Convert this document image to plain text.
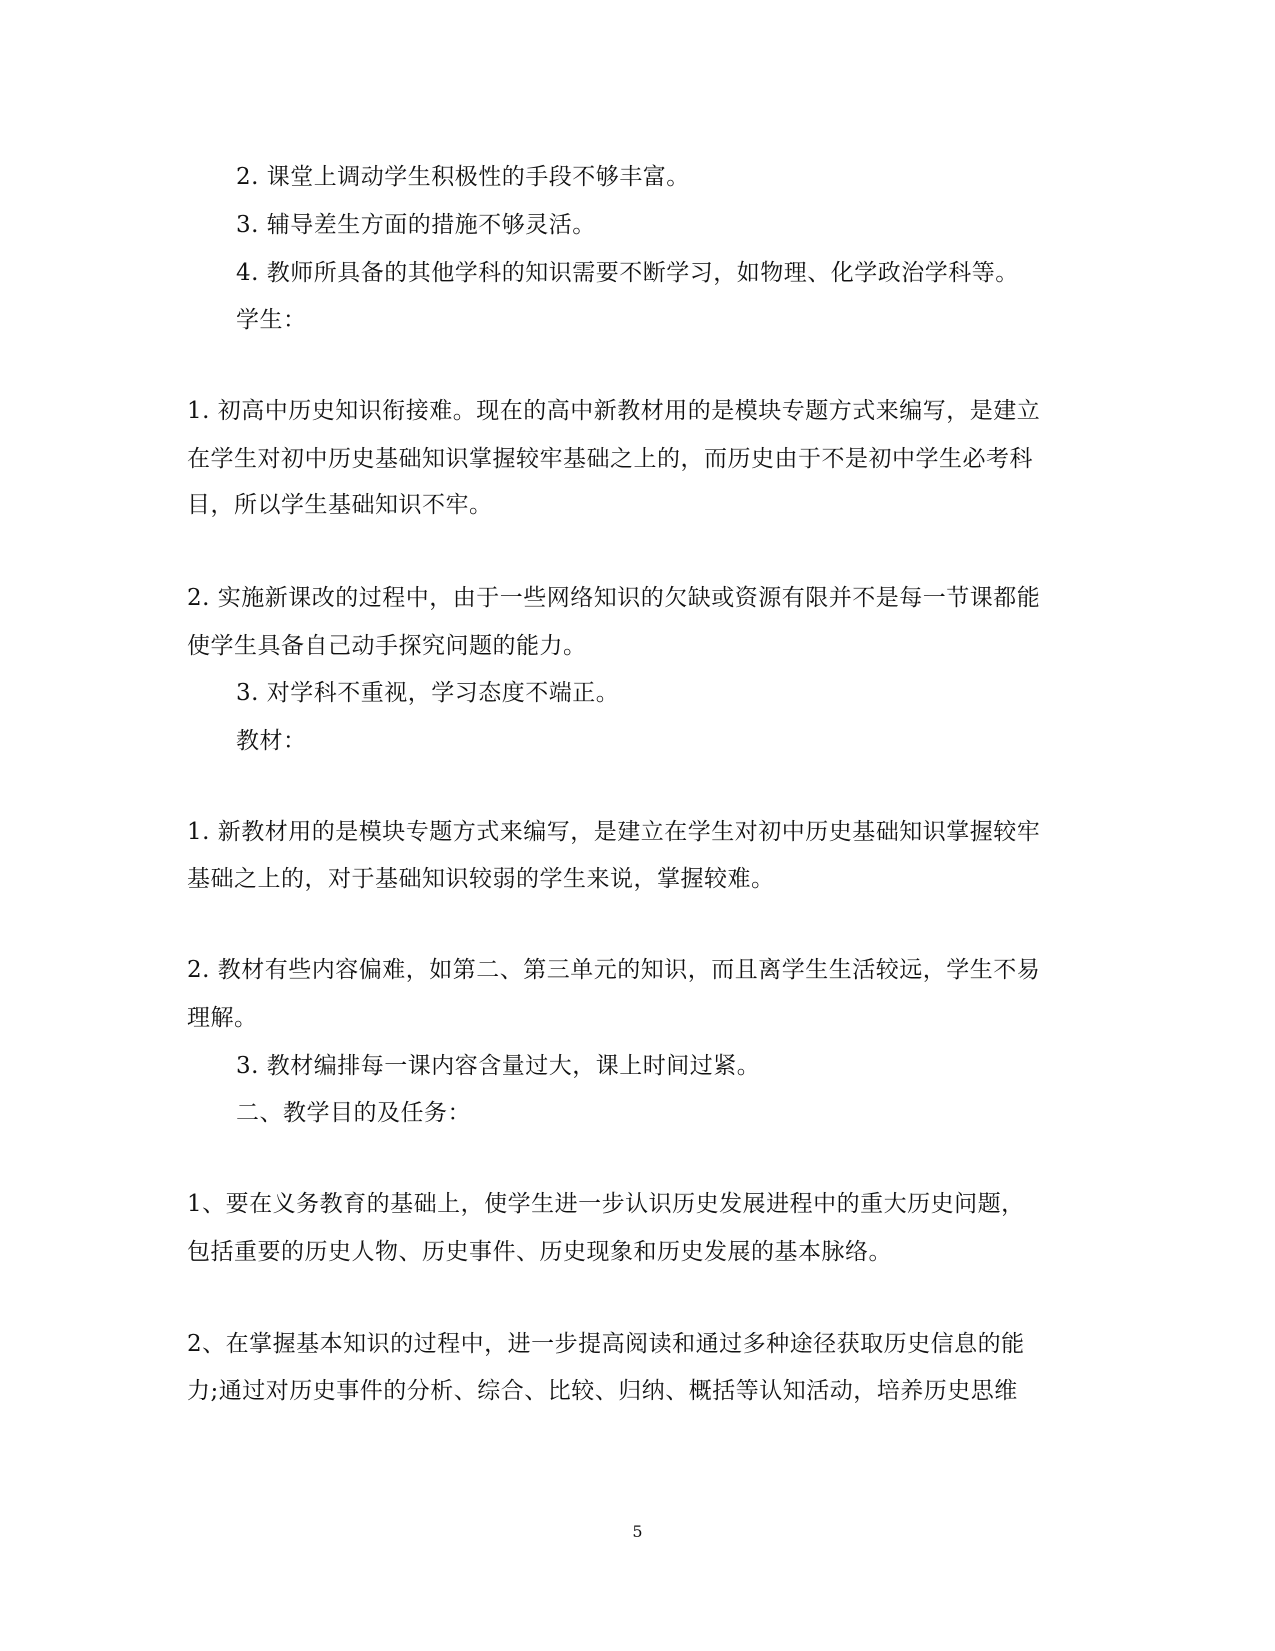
2. 课堂上调动学生积极性的手段不够丰富。
3. 辅导差生方面的措施不够灵活。
4. 教师所具备的其他学科的知识需要不断学习，如物理、化学政治学科等。
学生：
1. 初高中历史知识衔接难。现在的高中新教材用的是模块专题方式来编写，是建立
在学生对初中历史基础知识掌握较牢基础之上的，而历史由于不是初中学生必考科
目，所以学生基础知识不牢。
2. 实施新课改的过程中，由于一些网络知识的欠缺或资源有限并不是每一节课都能
使学生具备自己动手探究问题的能力。
3. 对学科不重视，学习态度不端正。
教材：
1. 新教材用的是模块专题方式来编写，是建立在学生对初中历史基础知识掌握较牢
基础之上的，对于基础知识较弱的学生来说，掌握较难。
2. 教材有些内容偏难，如第二、第三单元的知识，而且离学生生活较远，学生不易
理解。
3. 教材编排每一课内容含量过大，课上时间过紧。
二、教学目的及任务：
1、要在义务教育的基础上，使学生进一步认识历史发展进程中的重大历史问题，
包括重要的历史人物、历史事件、历史现象和历史发展的基本脉络。
2、在掌握基本知识的过程中，进一步提高阅读和通过多种途径获取历史信息的能
力;通过对历史事件的分析、综合、比较、归纳、概括等认知活动，培养历史思维
5
